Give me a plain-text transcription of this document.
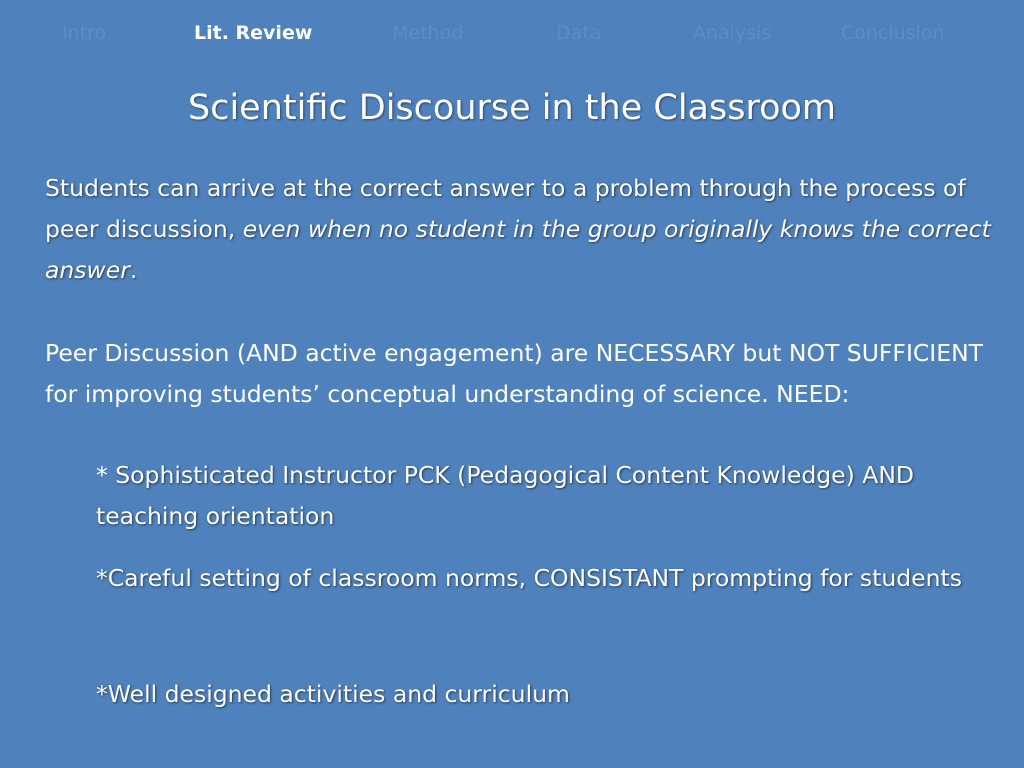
Intro	Lit. Review	Method	Data	Analysis	Conclusion
Scientific Discourse in the Classroom
Students can arrive at the correct answer to a problem through the process of peer discussion, even when no student in the group originally knows the correct answer.
Peer Discussion (AND active engagement) are NECESSARY but NOT SUFFICIENT for improving students’ conceptual understanding of science. NEED:
* Sophisticated Instructor PCK (Pedagogical Content Knowledge) AND teaching orientation
*Careful setting of classroom norms, CONSISTANT prompting for students
*Well designed activities and curriculum
